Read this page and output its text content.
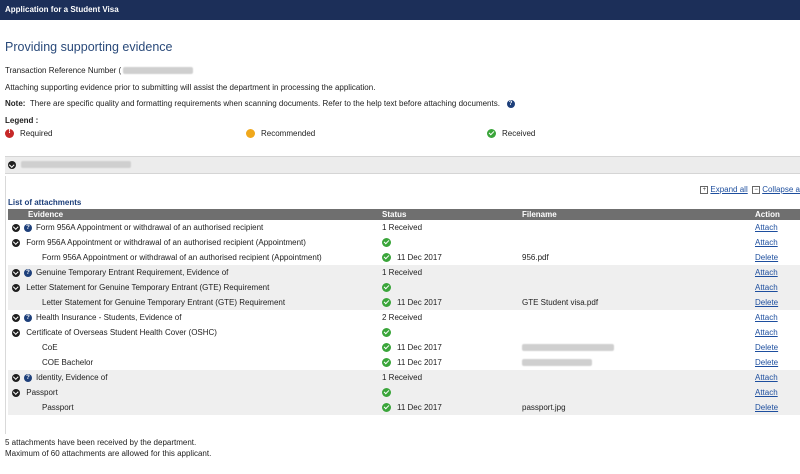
Application for a Student Visa
Providing supporting evidence
Transaction Reference Number (
Attaching supporting evidence prior to submitting will assist the department in processing the application.
Note: There are specific quality and formatting requirements when scanning documents. Refer to the help text before attaching documents. ?
Legend :
!Required	Recommended	Received
+ Expand all − Collapse a
List of attachments
Evidence	Status	Filename	Action
? Form 956A Appointment or withdrawal of an authorised recipient	1 Received		Attach
Form 956A Appointment or withdrawal of an authorised recipient (Appointment)			Attach
Form 956A Appointment or withdrawal of an authorised recipient (Appointment)	11 Dec 2017	956.pdf	Delete
? Genuine Temporary Entrant Requirement, Evidence of	1 Received		Attach
Letter Statement for Genuine Temporary Entrant (GTE) Requirement			Attach
Letter Statement for Genuine Temporary Entrant (GTE) Requirement	11 Dec 2017	GTE Student visa.pdf	Delete
? Health Insurance - Students, Evidence of	2 Received		Attach
Certificate of Overseas Student Health Cover (OSHC)			Attach
CoE	11 Dec 2017		Delete
COE Bachelor	11 Dec 2017		Delete
? Identity, Evidence of	1 Received		Attach
Passport			Attach
Passport	11 Dec 2017	passport.jpg	Delete
5 attachments have been received by the department.
Maximum of 60 attachments are allowed for this applicant.
